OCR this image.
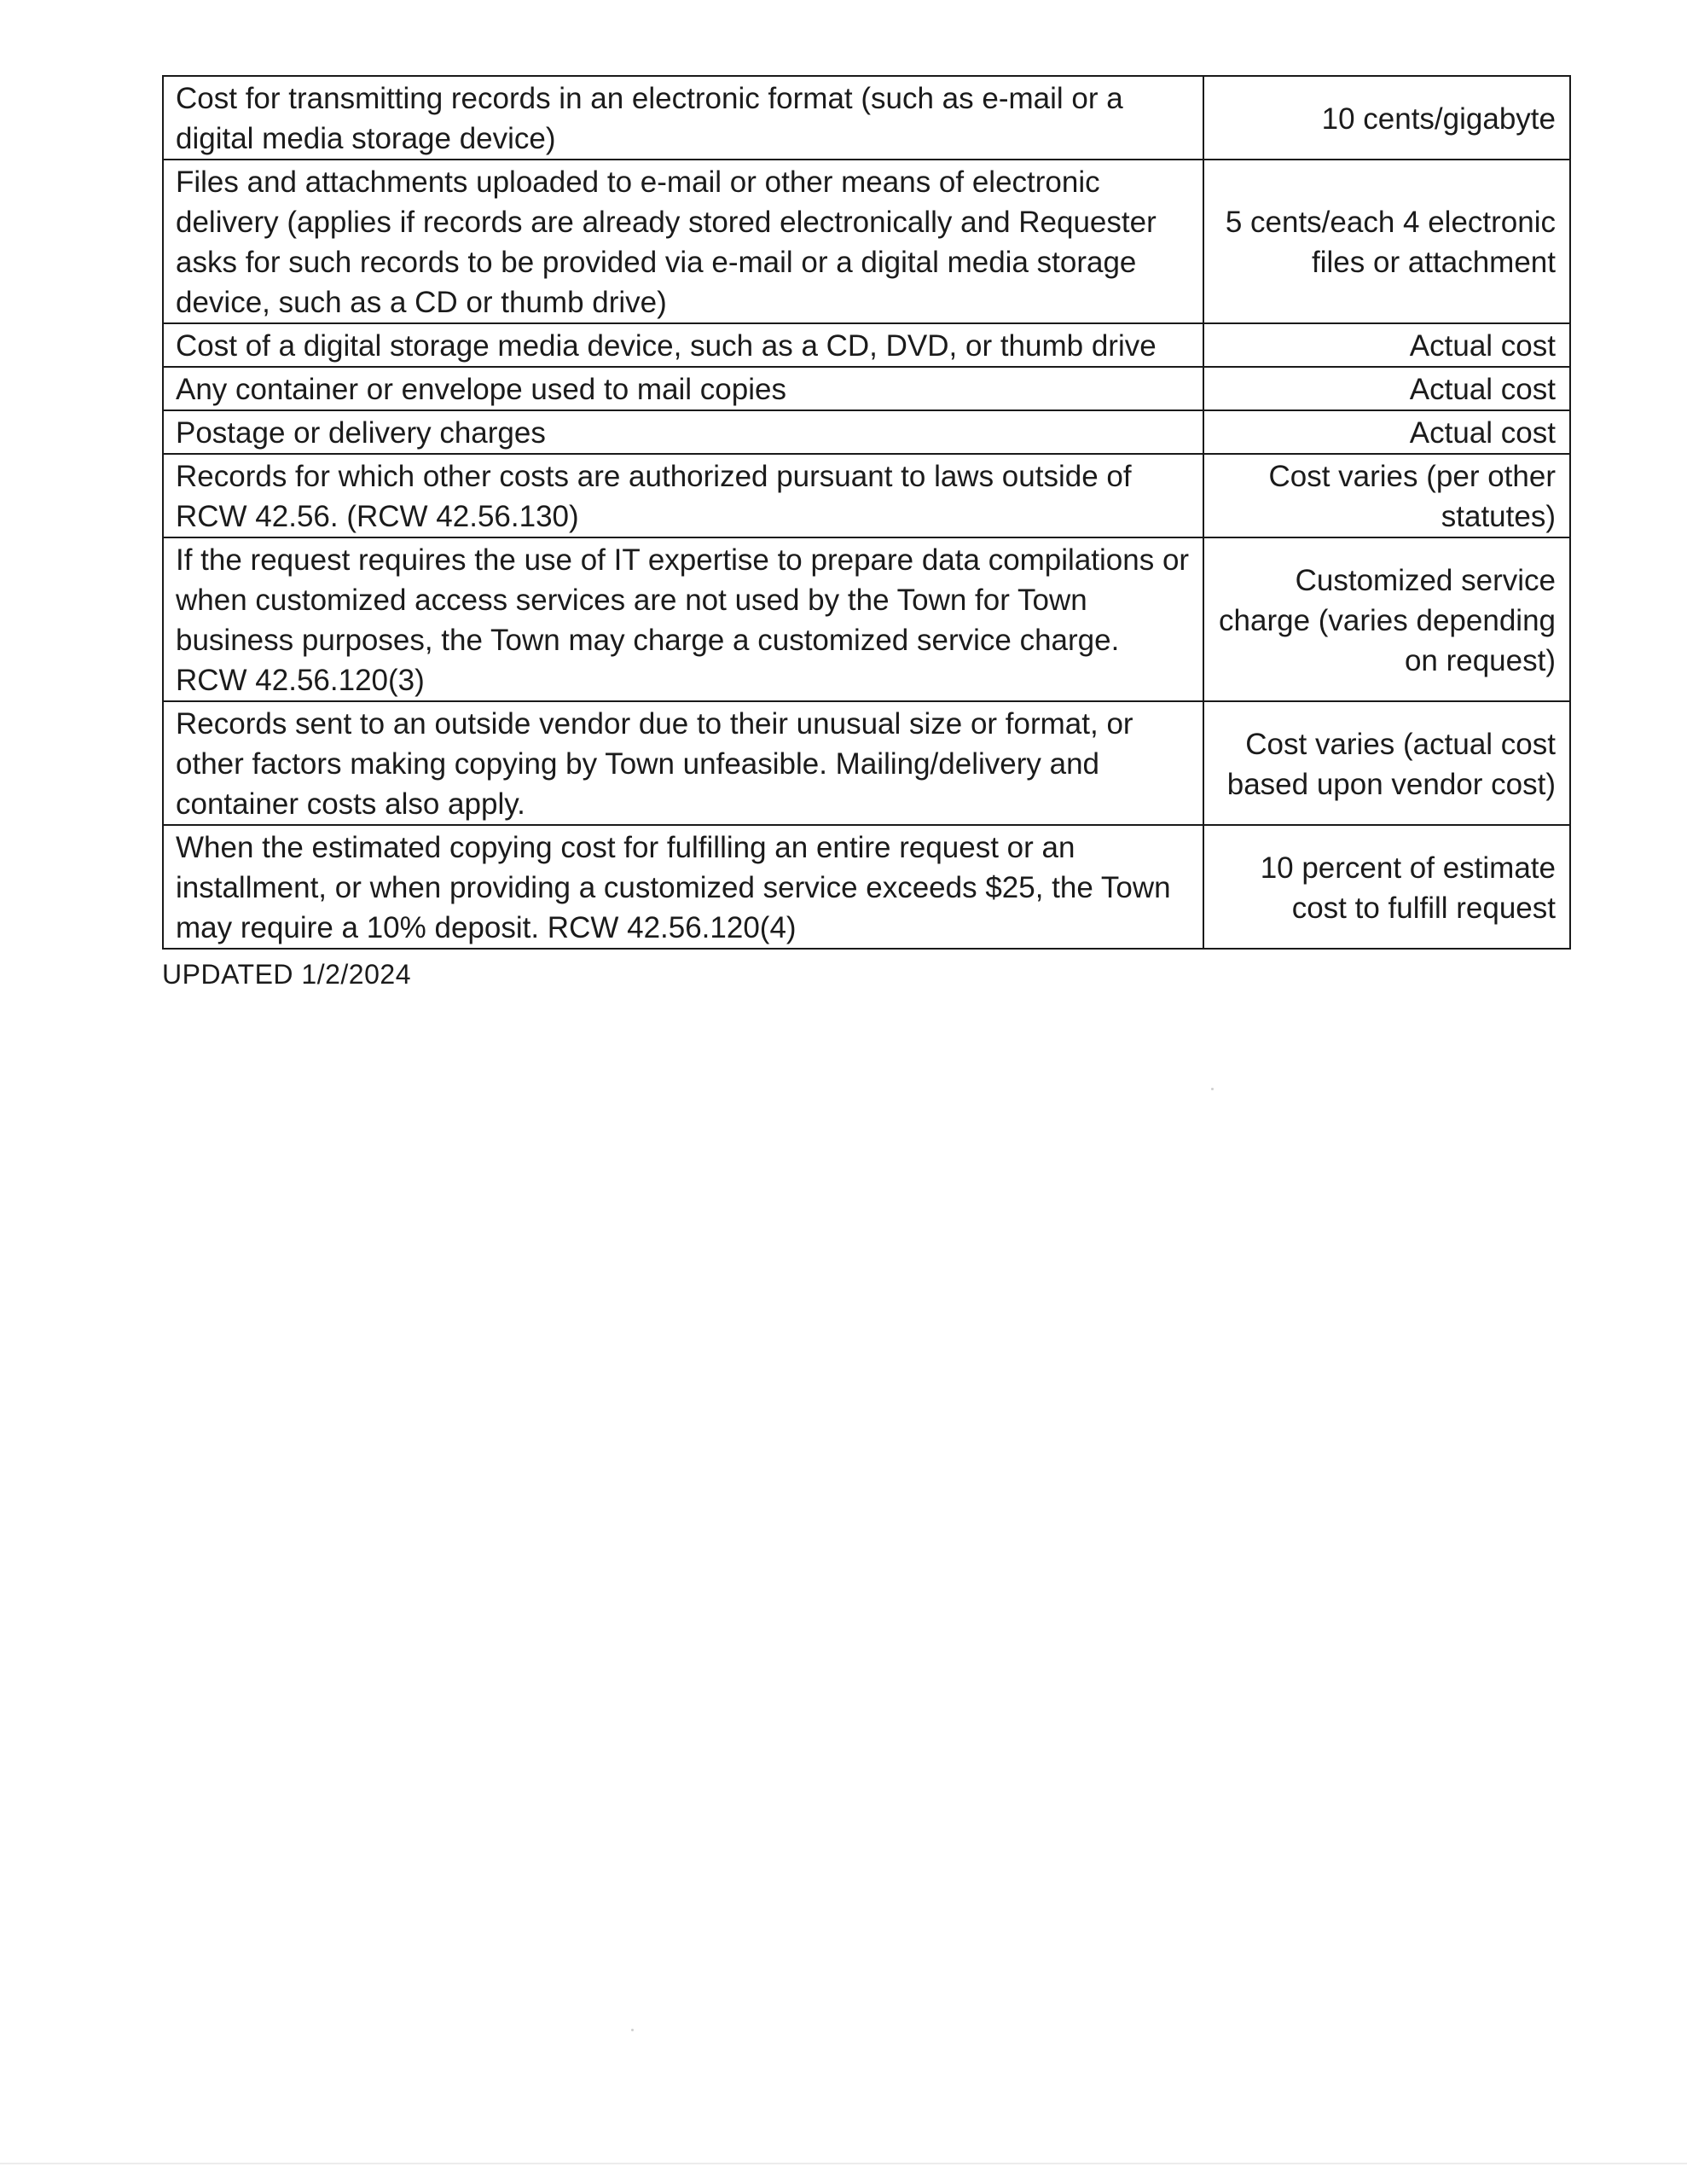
Cost for transmitting records in an electronic format (such as e-mail or a digital media storage device)	10 cents/gigabyte
Files and attachments uploaded to e-mail or other means of electronic delivery (applies if records are already stored electronically and Requester asks for such records to be provided via e-mail or a digital media storage device, such as a CD or thumb drive)	5 cents/each 4 electronic files or attachment
Cost of a digital storage media device, such as a CD, DVD, or thumb drive	Actual cost
Any container or envelope used to mail copies	Actual cost
Postage or delivery charges	Actual cost
Records for which other costs are authorized pursuant to laws outside of RCW 42.56. (RCW 42.56.130)	Cost varies (per other statutes)
If the request requires the use of IT expertise to prepare data compilations or when customized access services are not used by the Town for Town business purposes, the Town may charge a customized service charge. RCW 42.56.120(3)	Customized service charge (varies depending on request)
Records sent to an outside vendor due to their unusual size or format, or other factors making copying by Town unfeasible. Mailing/delivery and container costs also apply.	Cost varies (actual cost based upon vendor cost)
When the estimated copying cost for fulfilling an entire request or an installment, or when providing a customized service exceeds $25, the Town may require a 10% deposit. RCW 42.56.120(4)	10 percent of estimate cost to fulfill request
UPDATED 1/2/2024
